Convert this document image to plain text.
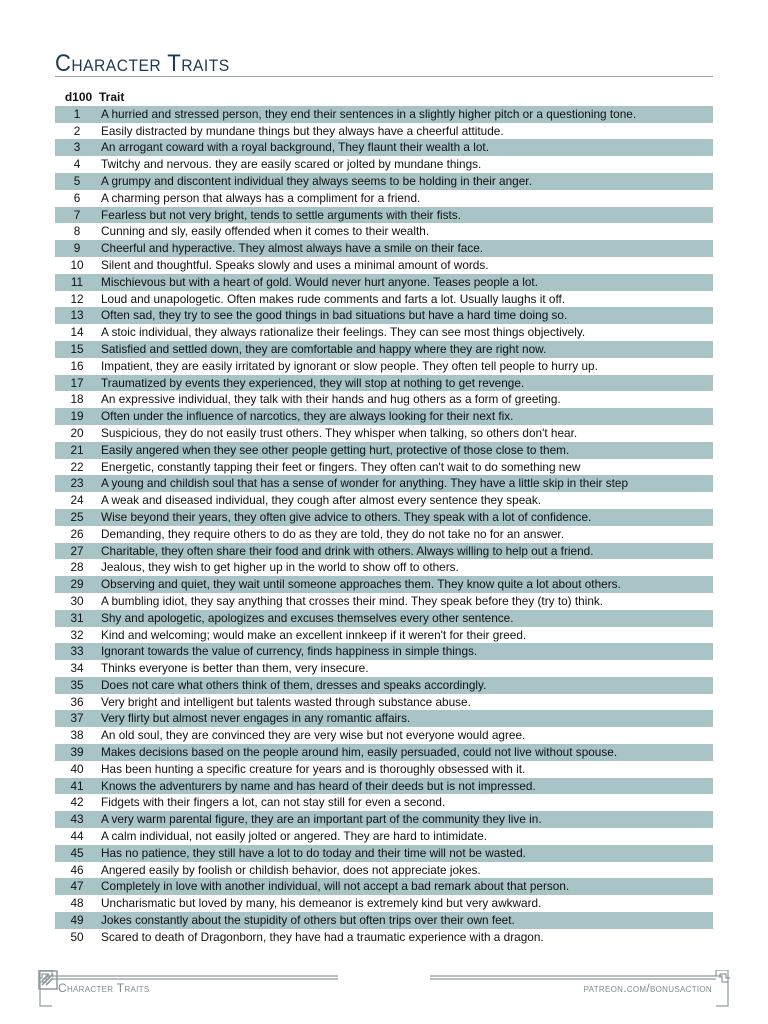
Character Traits
d100	Trait
1	A hurried and stressed person, they end their sentences in a slightly higher pitch or a questioning tone.
2	Easily distracted by mundane things but they always have a cheerful attitude.
3	An arrogant coward with a royal background, They flaunt their wealth a lot.
4	Twitchy and nervous. they are easily scared or jolted by mundane things.
5	A grumpy and discontent individual they always seems to be holding in their anger.
6	A charming person that always has a compliment for a friend.
7	Fearless but not very bright, tends to settle arguments with their fists.
8	Cunning and sly, easily offended when it comes to their wealth.
9	Cheerful and hyperactive. They almost always have a smile on their face.
10	Silent and thoughtful. Speaks slowly and uses a minimal amount of words.
11	Mischievous but with a heart of gold. Would never hurt anyone. Teases people a lot.
12	Loud and unapologetic. Often makes rude comments and farts a lot. Usually laughs it off.
13	Often sad, they try to see the good things in bad situations but have a hard time doing so.
14	A stoic individual, they always rationalize their feelings. They can see most things objectively.
15	Satisfied and settled down, they are comfortable and happy where they are right now.
16	Impatient, they are easily irritated by ignorant or slow people. They often tell people to hurry up.
17	Traumatized by events they experienced, they will stop at nothing to get revenge.
18	An expressive individual, they talk with their hands and hug others as a form of greeting.
19	Often under the influence of narcotics, they are always looking for their next fix.
20	Suspicious, they do not easily trust others. They whisper when talking, so others don't hear.
21	Easily angered when they see other people getting hurt, protective of those close to them.
22	Energetic, constantly tapping their feet or fingers. They often can't wait to do something new
23	A young and childish soul that has a sense of wonder for anything. They have a little skip in their step
24	A weak and diseased individual, they cough after almost every sentence they speak.
25	Wise beyond their years, they often give advice to others. They speak with a lot of confidence.
26	Demanding, they require others to do as they are told, they do not take no for an answer.
27	Charitable, they often share their food and drink with others. Always willing to help out a friend.
28	Jealous, they wish to get higher up in the world to show off to others.
29	Observing and quiet, they wait until someone approaches them. They know quite a lot about others.
30	A bumbling idiot, they say anything that crosses their mind. They speak before they (try to) think.
31	Shy and apologetic, apologizes and excuses themselves every other sentence.
32	Kind and welcoming; would make an excellent innkeep if it weren't for their greed.
33	Ignorant towards the value of currency, finds happiness in simple things.
34	Thinks everyone is better than them, very insecure.
35	Does not care what others think of them, dresses and speaks accordingly.
36	Very bright and intelligent but talents wasted through substance abuse.
37	Very flirty but almost never engages in any romantic affairs.
38	An old soul, they are convinced they are very wise but not everyone would agree.
39	Makes decisions based on the people around him, easily persuaded, could not live without spouse.
40	Has been hunting a specific creature for years and is thoroughly obsessed with it.
41	Knows the adventurers by name and has heard of their deeds but is not impressed.
42	Fidgets with their fingers a lot, can not stay still for even a second.
43	A very warm parental figure, they are an important part of the community they live in.
44	A calm individual, not easily jolted or angered. They are hard to intimidate.
45	Has no patience, they still have a lot to do today and their time will not be wasted.
46	Angered easily by foolish or childish behavior, does not appreciate jokes.
47	Completely in love with another individual, will not accept a bad remark about that person.
48	Uncharismatic but loved by many, his demeanor is extremely kind but very awkward.
49	Jokes constantly about the stupidity of others but often trips over their own feet.
50	Scared to death of Dragonborn, they have had a traumatic experience with a dragon.
Character Traits	patreon.com/bonusaction
